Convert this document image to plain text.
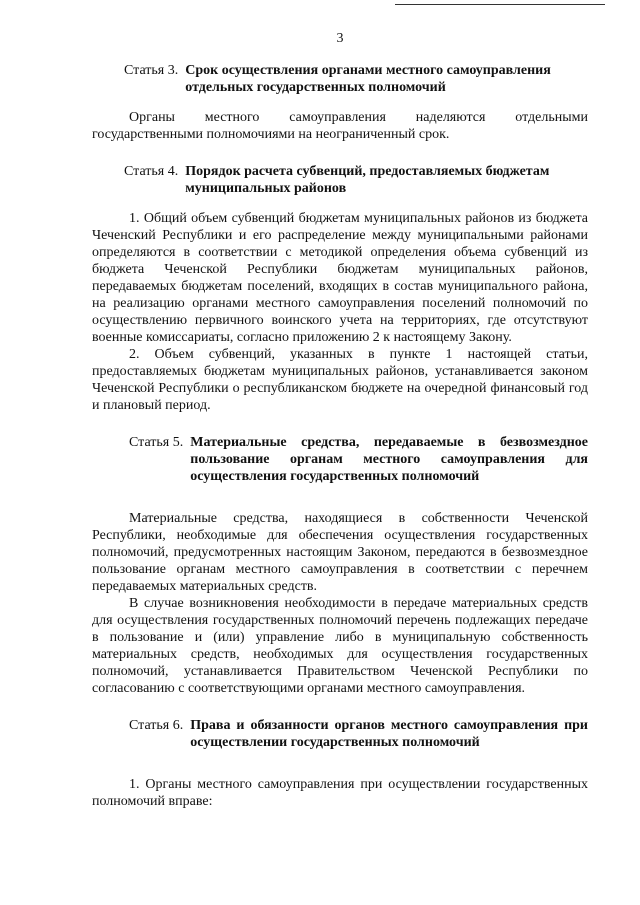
3
Статья 3. Срок осуществления органами местного самоуправления отдельных государственных полномочий

Органы местного самоуправления наделяются отдельными государственными полномочиями на неограниченный срок.

Статья 4. Порядок расчета субвенций, предоставляемых бюджетам муниципальных районов

1. Общий объем субвенций бюджетам муниципальных районов из бюджета Чеченский Республики и его распределение между муниципальными районами определяются в соответствии с методикой определения объема субвенций из бюджета Чеченской Республики бюджетам муниципальных районов, передаваемых бюджетам поселений, входящих в состав муниципального района, на реализацию органами местного самоуправления поселений полномочий по осуществлению первичного воинского учета на территориях, где отсутствуют военные комиссариаты, согласно приложению 2 к настоящему Закону.

2. Объем субвенций, указанных в пункте 1 настоящей статьи, предоставляемых бюджетам муниципальных районов, устанавливается законом Чеченской Республики о республиканском бюджете на очередной финансовый год и плановый период.

Статья 5. Материальные средства, передаваемые в безвозмездное пользование органам местного самоуправления для осуществления государственных полномочий

Материальные средства, находящиеся в собственности Чеченской Республики, необходимые для обеспечения осуществления государственных полномочий, предусмотренных настоящим Законом, передаются в безвозмездное пользование органам местного самоуправления в соответствии с перечнем передаваемых материальных средств.

В случае возникновения необходимости в передаче материальных средств для осуществления государственных полномочий перечень подлежащих передаче в пользование и (или) управление либо в муниципальную собственность материальных средств, необходимых для осуществления государственных полномочий, устанавливается Правительством Чеченской Республики по согласованию с соответствующими органами местного самоуправления.

Статья 6. Права и обязанности органов местного самоуправления при осуществлении государственных полномочий

1. Органы местного самоуправления при осуществлении государственных полномочий вправе:
